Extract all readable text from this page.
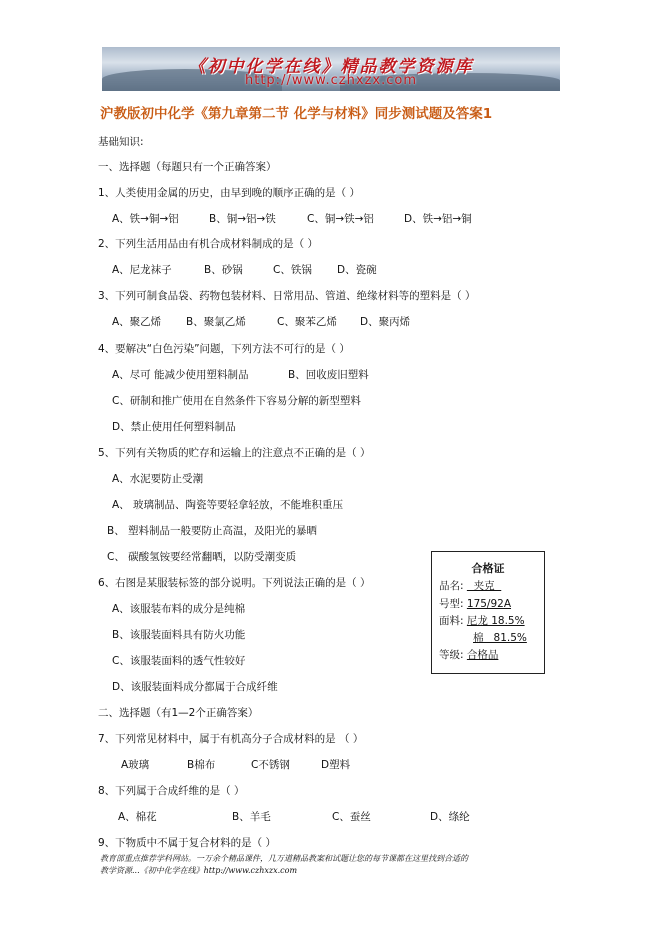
《初中化学在线》精品教学资源库
http://www.czhxzx.com
沪教版初中化学《第九章第二节 化学与材料》同步测试题及答案1
基础知识:
一、选择题（每题只有一个正确答案）
1、人类使用金属的历史，由早到晚的顺序正确的是（ ）
A、铁→铜→铝	B、铜→铝→铁	C、铜→铁→铝	D、铁→铝→铜
2、下列生活用品由有机合成材料制成的是（ ）
A、尼龙袜子	B、砂锅	C、铁锅 D、瓷碗
3、下列可制食品袋、药物包装材料、日常用品、管道、绝缘材料等的塑料是（ ）
A、聚乙烯 B、聚氯乙烯	C、聚苯乙烯 D、聚丙烯
4、要解决“白色污染”问题，下列方法不可行的是（ ）
A、尽可 能减少使用塑料制品	B、回收废旧塑料
C、研制和推广使用在自然条件下容易分解的新型塑料
D、禁止使用任何塑料制品
5、下列有关物质的贮存和运输上的注意点不正确的是（ ）
A、水泥要防止受潮
A、 玻璃制品、陶瓷等要轻拿轻放，不能堆积重压
B、 塑料制品一般要防止高温，及阳光的暴晒
C、 碳酸氢铵要经常翻晒，以防受潮变质
6、右图是某服装标签的部分说明。下列说法正确的是（ ）
A、该服装布料的成分是纯棉
B、该服装面料具有防火功能
C、该服装面料的透气性较好
D、该服装面料成分都属于合成纤维
合格证
品名:   夹克
号型: 175/92A
面料: 尼龙 18.5%
棉   81.5%
等级: 合格品
二、选择题（有1—2个正确答案）
7、下列常见材料中，属于有机高分子合成材料的是 （ ）
A玻璃	B棉布	C不锈钢	D塑料
8、下列属于合成纤维的是（ ）
A、棉花	B、羊毛	C、蚕丝	D、绦纶
9、下物质中不属于复合材料的是（ ）
教育部重点推荐学科网站。一万余个精品课件，几万道精品教案和试题让您的每节课都在这里找到合适的
教学资源...《初中化学在线》http://www.czhxzx.com
